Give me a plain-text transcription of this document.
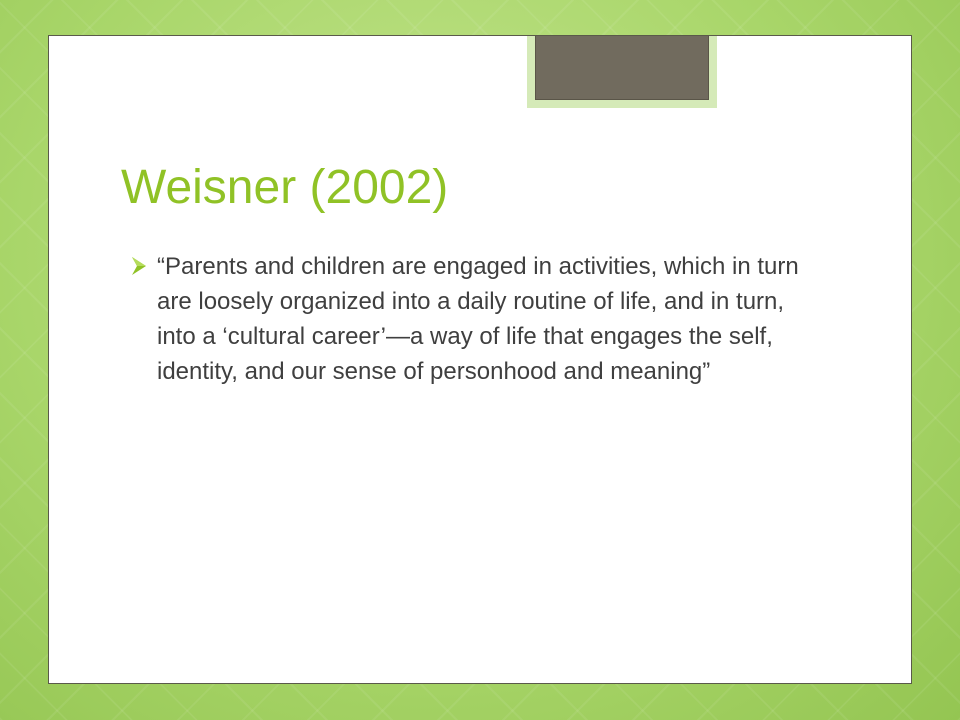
Weisner (2002)

“Parents and children are engaged in activities, which in turn are loosely organized into a daily routine of life, and in turn, into a ‘cultural career’—a way of life that engages the self, identity, and our sense of personhood and meaning”
